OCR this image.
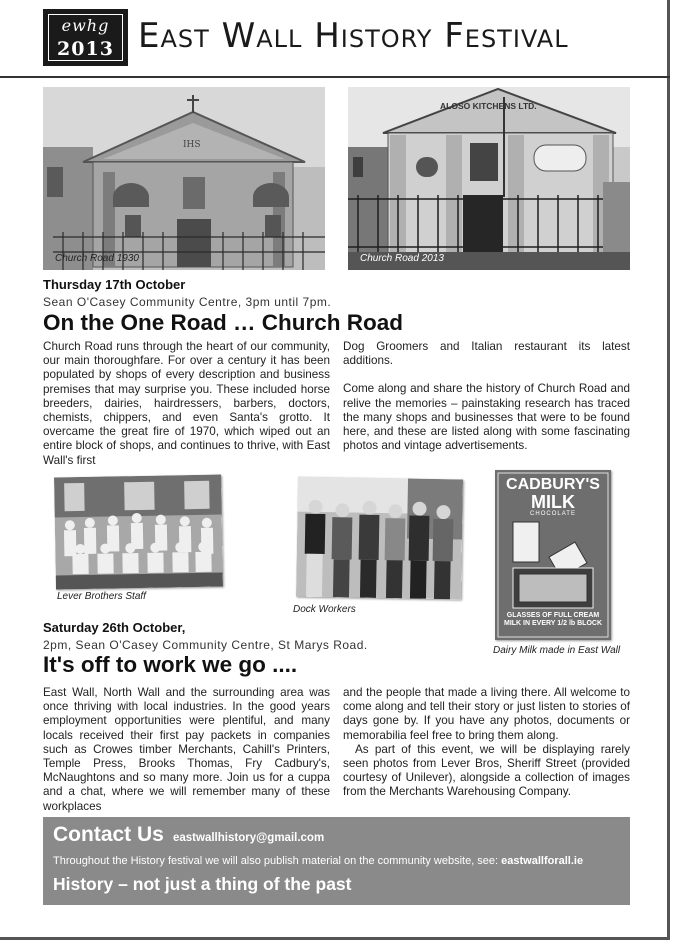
ewhg
2013 East Wall History Festival
IHS
Church Road 1930
ALOSO KITCHENS LTD.
Church Road 2013
Thursday 17th October
Sean O'Casey Community Centre, 3pm until 7pm.
On the One Road … Church Road

Church Road runs through the heart of our community, our main thoroughfare. For over a century it has been populated by shops of every description and business premises that may surprise you. These included horse breeders, dairies, hairdressers, barbers, doctors, chemists, chippers, and even Santa's grotto. It overcame the great fire of 1970, which wiped out an entire block of shops, and continues to thrive, with East Wall's first

Dog Groomers and Italian restaurant its latest additions.

Come along and share the history of Church Road and relive the memories – painstaking research has traced the many shops and businesses that were to be found here, and these are listed along with some fascinating photos and vintage advertisements.

Lever Brothers Staff
Dock Workers
CADBURY'S
MILK
CHOCOLATE
GLASSES OF FULL CREAM MILK IN EVERY 1/2 lb BLOCK
Dairy Milk made in East Wall
Saturday 26th October,
2pm, Sean O'Casey Community Centre, St Marys Road.
It's off to work we go ....

East Wall, North Wall and the surrounding area was once thriving with local industries. In the good years employment opportunities were plentiful, and many locals received their first pay packets in companies such as Crowes timber Merchants, Cahill's Printers, Temple Press, Brooks Thomas, Fry Cadbury's, McNaughtons and so many more. Join us for a cuppa and a chat, where we will remember many of these workplaces

and the people that made a living there. All welcome to come along and tell their story or just listen to stories of days gone by. If you have any photos, documents or memorabilia feel free to bring them along.

As part of this event, we will be displaying rarely seen photos from Lever Bros, Sheriff Street (provided courtesy of Unilever), alongside a collection of images from the Merchants Warehousing Company.

Contact Us eastwallhistory@gmail.com
Throughout the History festival we will also publish material on the community website, see: eastwallforall.ie
History – not just a thing of the past
